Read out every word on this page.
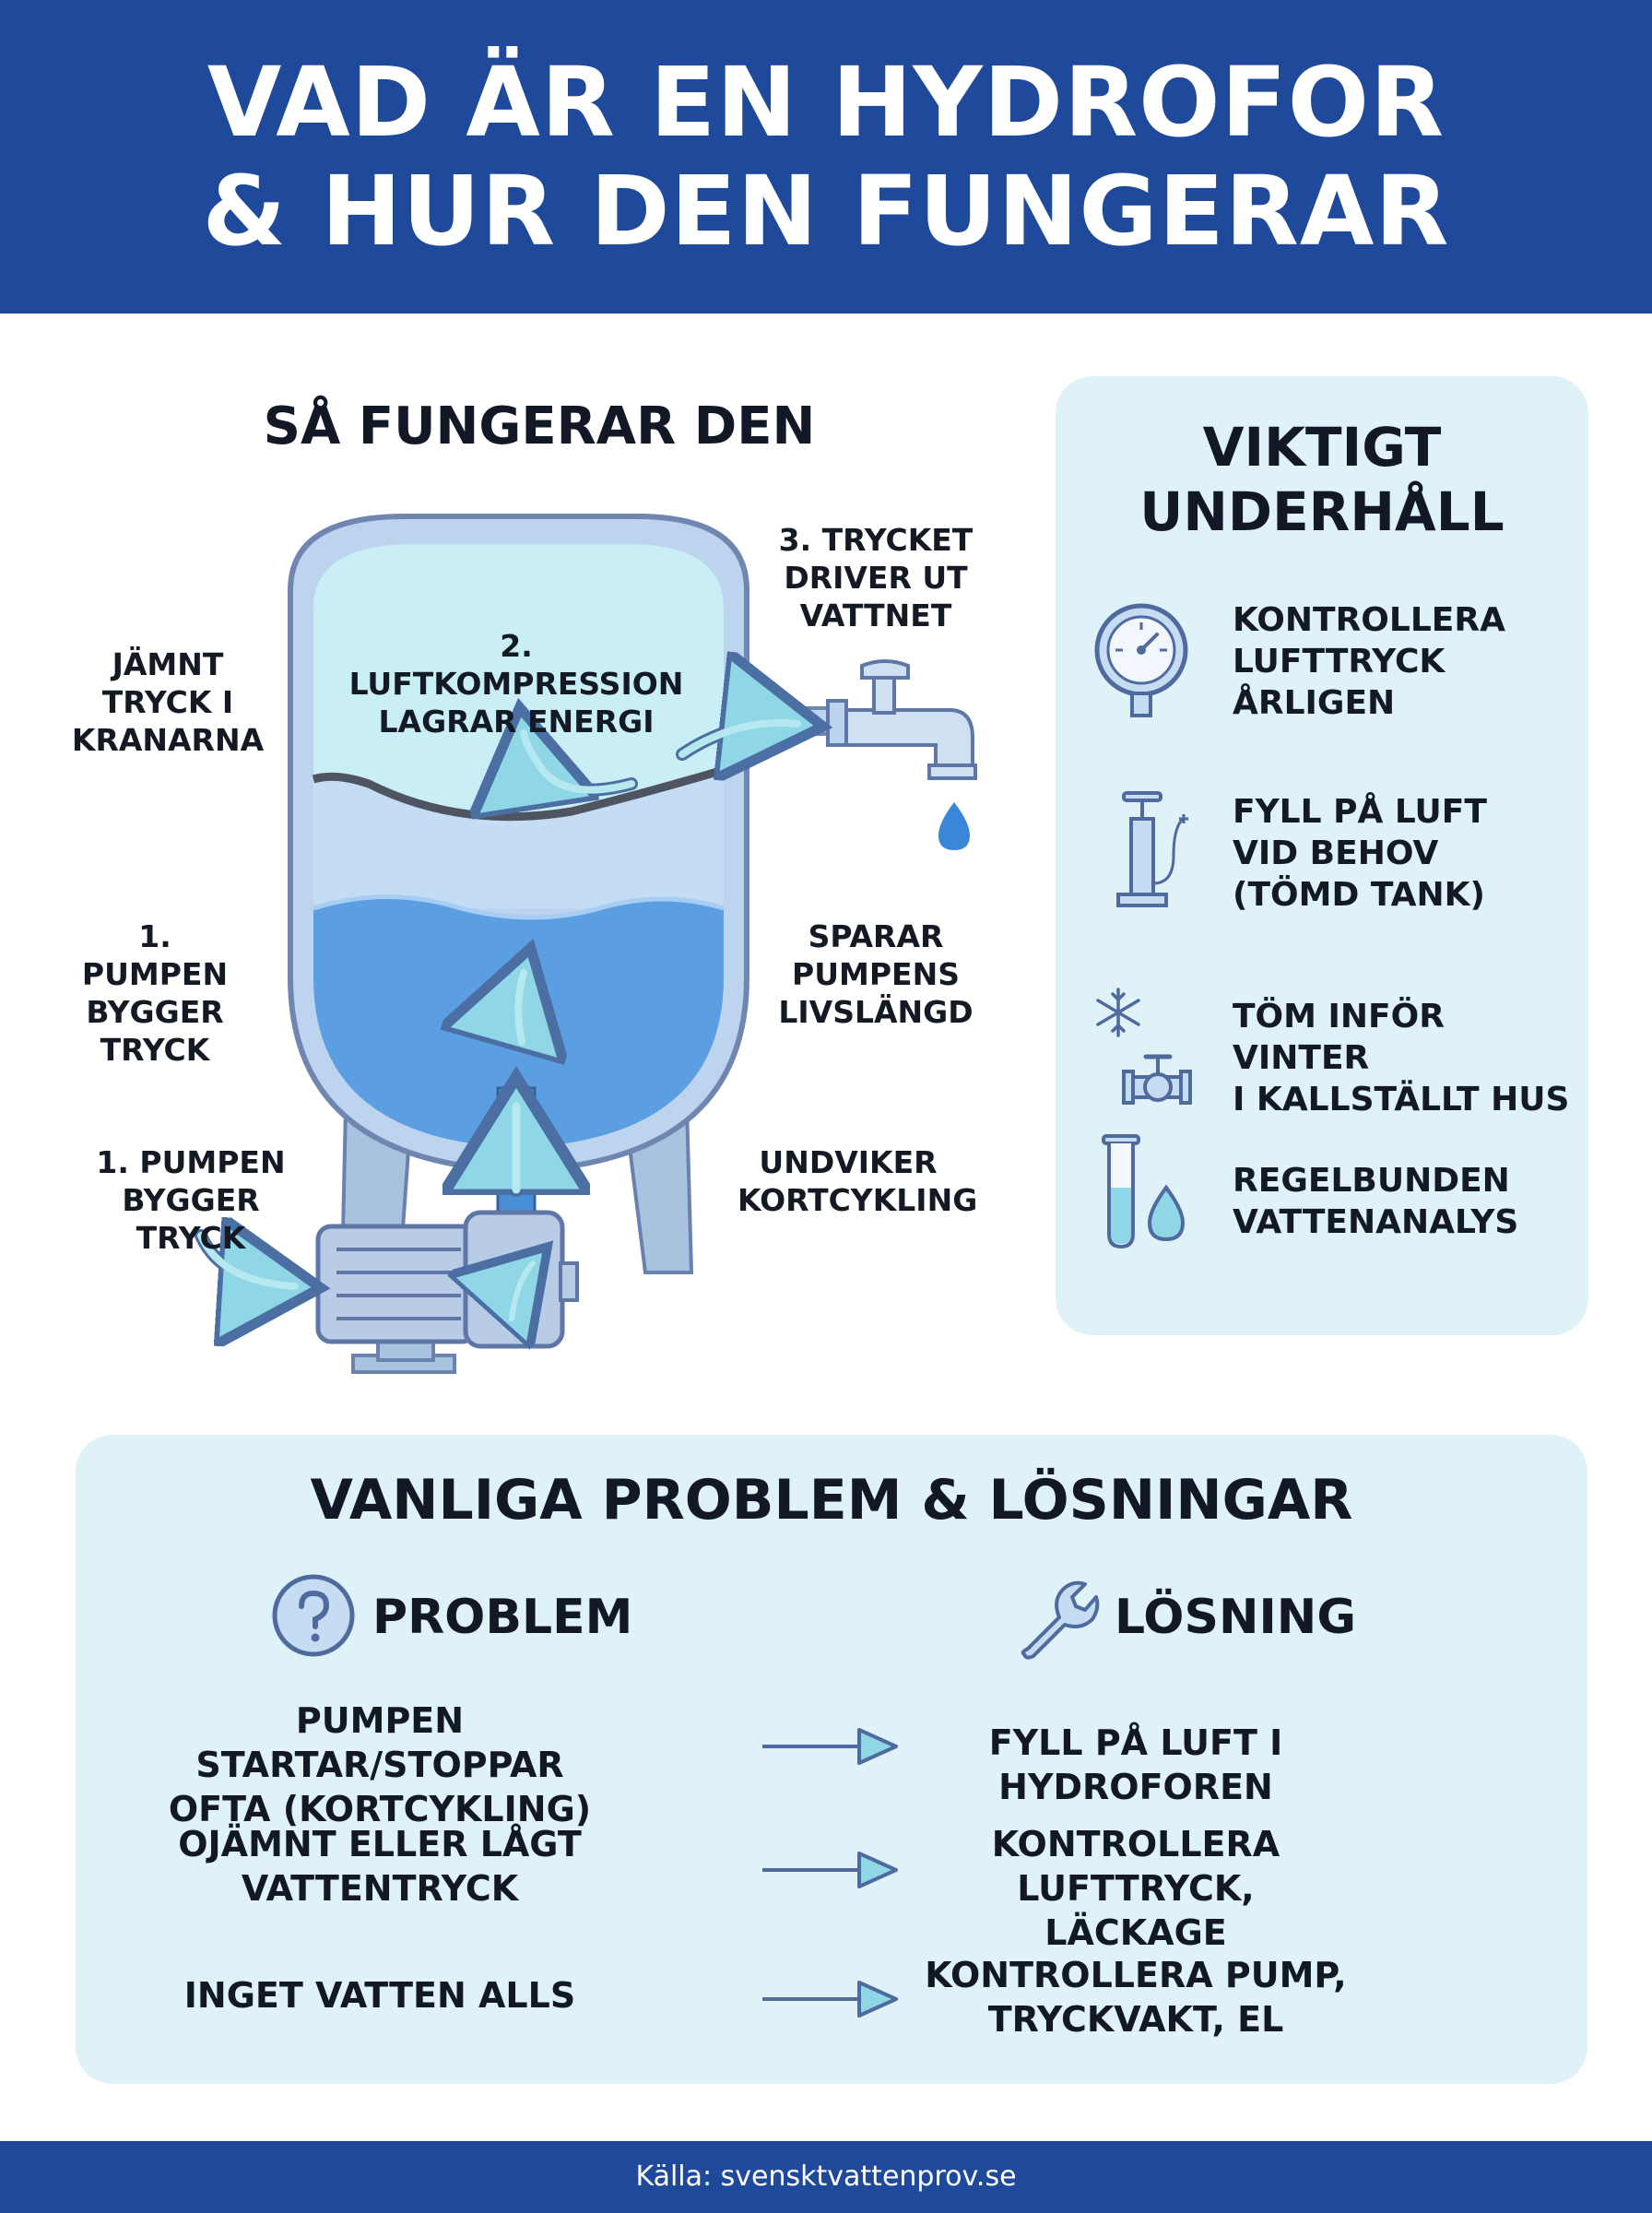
VAD ÄR EN HYDROFOR
& HUR DEN FUNGERAR
SÅ FUNGERAR DEN
JÄMNT
TRYCK I
KRANARNA
2. LUFTKOMPRESSION
LAGRAR ENERGI
3. TRYCKET
DRIVER UT
VATTNET
1. PUMPEN
BYGGER
TRYCK
SPARAR
PUMPENS
LIVSLÄNGD
1. PUMPEN
BYGGER TRYCK
UNDVIKER
KORTCYKLING
VIKTIGT
UNDERHÅLL
KONTROLLERA
LUFTTRYCK
ÅRLIGEN
FYLL PÅ LUFT
VID BEHOV
(TÖMD TANK)
TÖM INFÖR VINTER
I KALLSTÄLLT HUS
REGELBUNDEN
VATTENANALYS
VANLIGA PROBLEM & LÖSNINGAR
PROBLEM	LÖSNING
PUMPEN STARTAR/STOPPAR
OFTA (KORTCYKLING)
FYLL PÅ LUFT I HYDROFOREN
OJÄMNT ELLER LÅGT
VATTENTRYCK
KONTROLLERA LUFTTRYCK,
LÄCKAGE
INGET VATTEN ALLS	KONTROLLERA PUMP,
TRYCKVAKT, EL
Källa: svensktvattenprov.se
